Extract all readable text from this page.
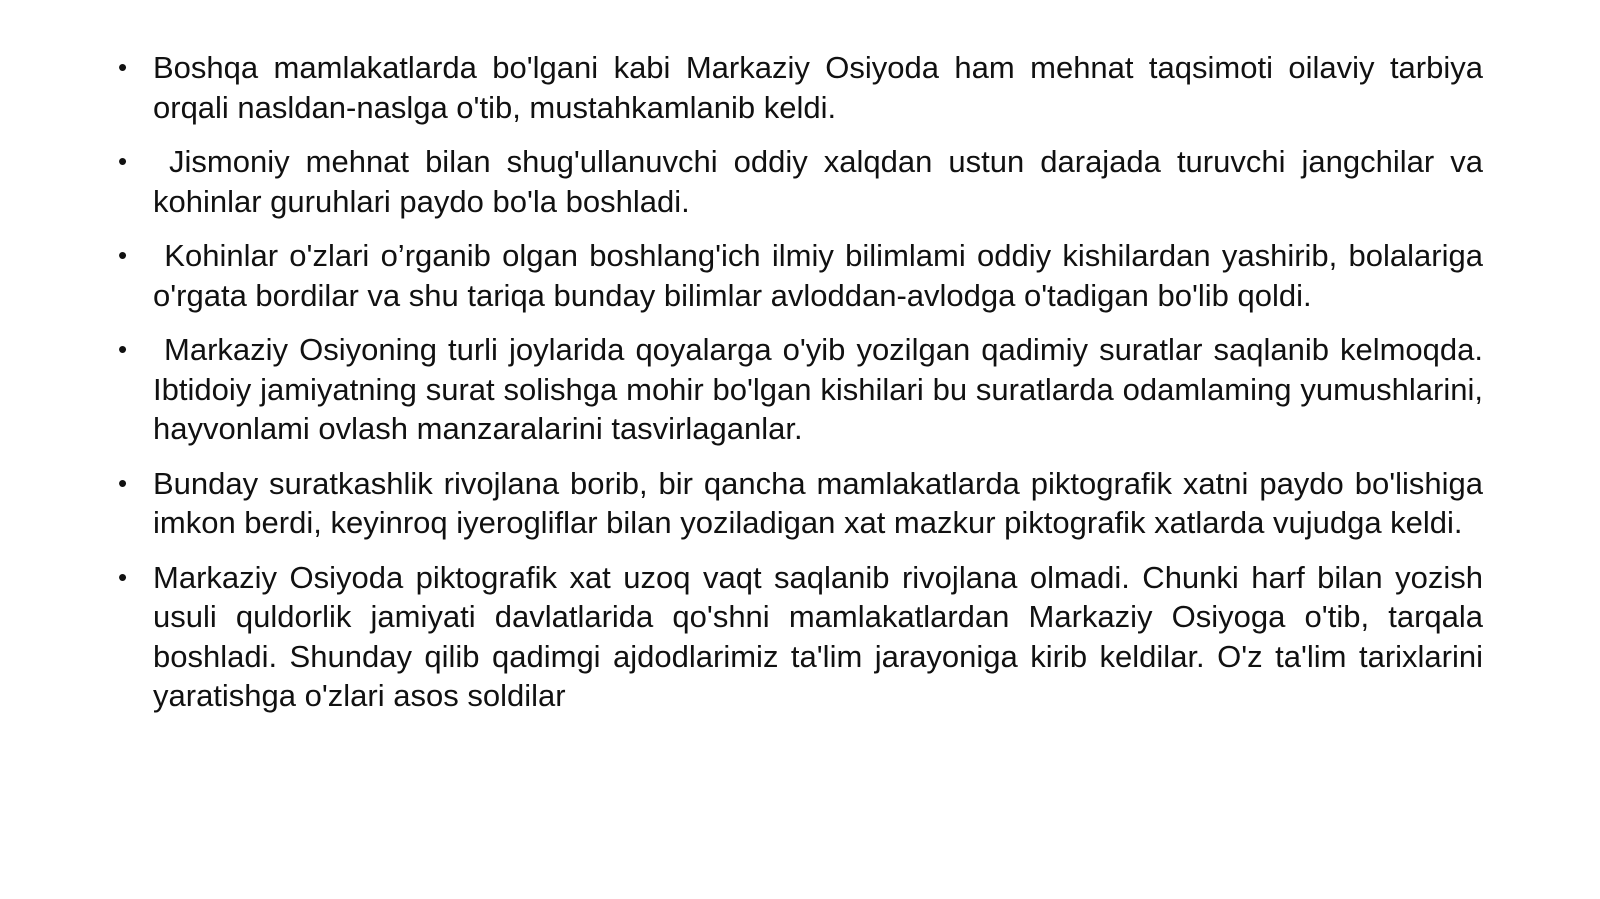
• Boshqa mamlakatlarda bo'lgani kabi Markaziy Osiyoda ham mehnat taqsimoti oilaviy tarbiya orqali nasldan-naslga o'tib, mustahkamlanib keldi.
• Jismoniy mehnat bilan shug'ullanuvchi oddiy xalqdan ustun darajada turuvchi jangchilar va kohinlar guruhlari paydo bo'la boshladi.
• Kohinlar o'zlari o’rganib olgan boshlang'ich ilmiy bilimlami oddiy kishilardan yashirib, bolalariga o'rgata bordilar va shu tariqa bunday bilimlar avloddan-avlodga o'tadigan bo'lib qoldi.
• Markaziy Osiyoning turli joylarida qoyalarga o'yib yozilgan qadimiy suratlar saqlanib kelmoqda. Ibtidoiy jamiyatning surat solishga mohir bo'lgan kishilari bu suratlarda odamlaming yumushlarini, hayvonlami ovlash manzaralarini tasvirlaganlar.
• Bunday suratkashlik rivojlana borib, bir qancha mamlakatlarda piktografik xatni paydo bo'lishiga imkon berdi, keyinroq iyerogliflar bilan yoziladigan xat mazkur piktografik xatlarda vujudga keldi.
• Markaziy Osiyoda piktografik xat uzoq vaqt saqlanib rivojlana olmadi. Chunki harf bilan yozish usuli quldorlik jamiyati davlatlarida qo'shni mamlakatlardan Markaziy Osiyoga o'tib, tarqala boshladi. Shunday qilib qadimgi ajdodlarimiz ta'lim jarayoniga kirib keldilar. O'z ta'lim tarixlarini yaratishga o'zlari asos soldilar
